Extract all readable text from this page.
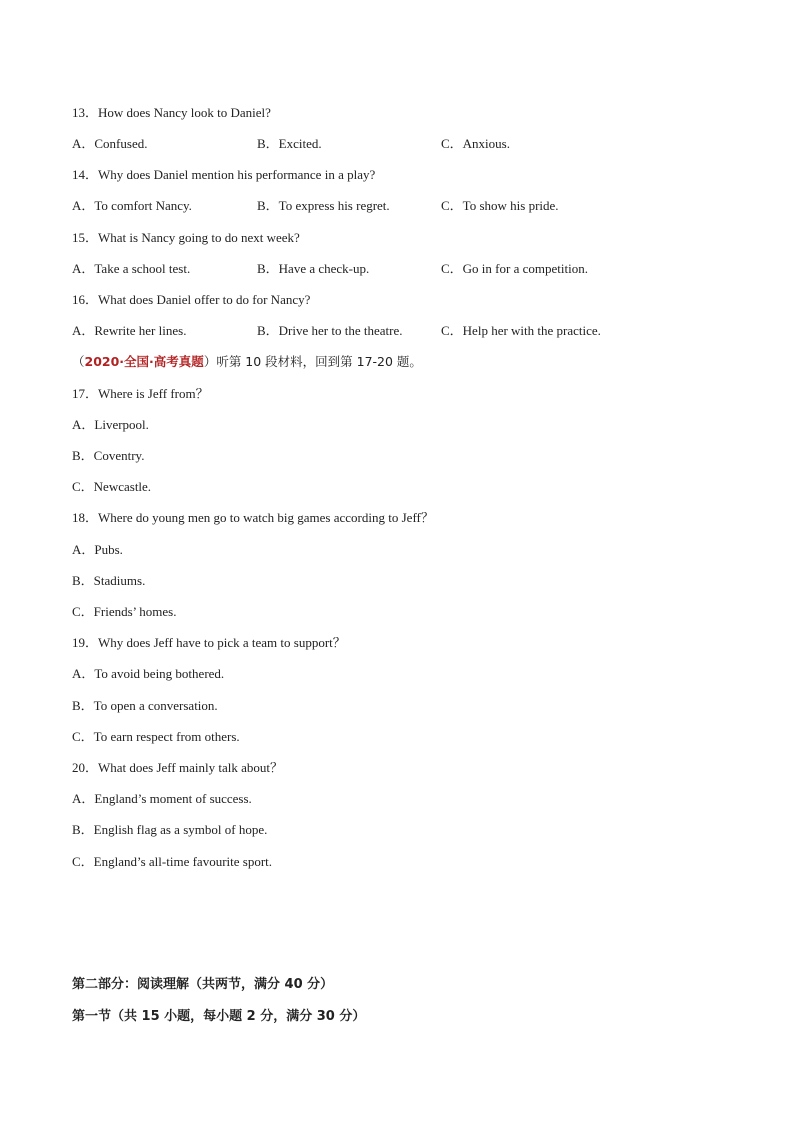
13．How does Nancy look to Daniel?
A．Confused.	B．Excited.	C．Anxious.
14．Why does Daniel mention his performance in a play?
A．To comfort Nancy.	B．To express his regret.	C．To show his pride.
15．What is Nancy going to do next week?
A．Take a school test.	B．Have a check-up.	C．Go in for a competition.
16．What does Daniel offer to do for Nancy?
A．Rewrite her lines.	B．Drive her to the theatre.	C．Help her with the practice.
（2020·全国·高考真题）听第 10 段材料，回到第 17-20 题。
17．Where is Jeff from？
A．Liverpool.
B．Coventry.
C．Newcastle.
18．Where do young men go to watch big games according to Jeff？
A．Pubs.
B．Stadiums.
C．Friends’ homes.
19．Why does Jeff have to pick a team to support？
A．To avoid being bothered.
B．To open a conversation.
C．To earn respect from others.
20．What does Jeff mainly talk about？
A．England’s moment of success.
B．English flag as a symbol of hope.
C．England’s all-time favourite sport.
第二部分：阅读理解（共两节，满分 40 分）
第一节（共 15 小题，每小题 2 分，满分 30 分）
